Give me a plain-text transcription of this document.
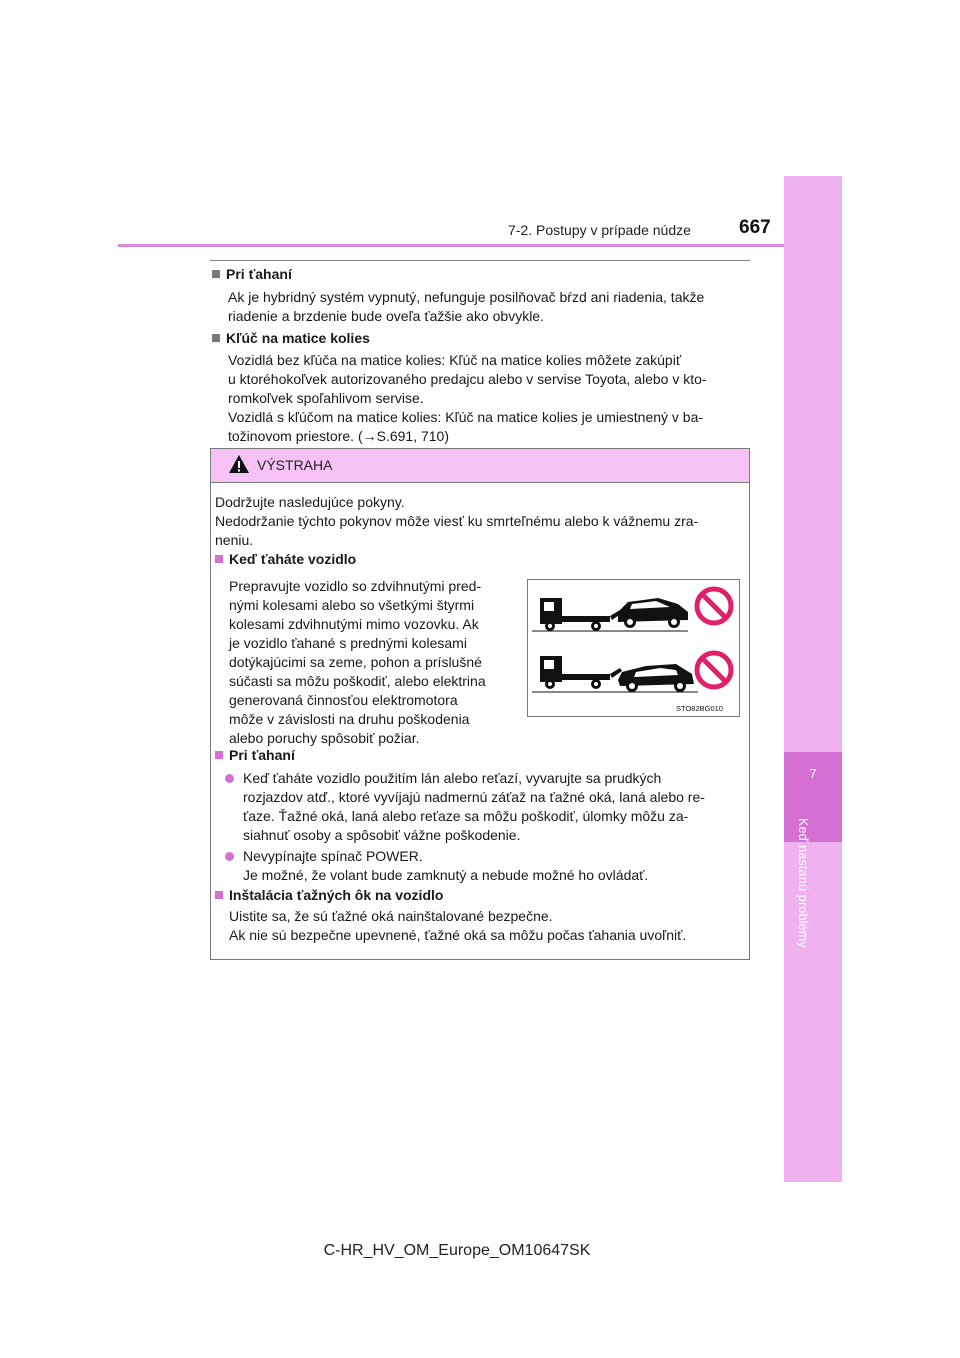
7
Keď nastanú problémy
7-2. Postupy v prípade núdze	667
Pri ťahaní
Ak je hybridný systém vypnutý, nefunguje posilňovač bŕzd ani riadenia, takže
riadenie a brzdenie bude oveľa ťažšie ako obvykle.
Kľúč na matice kolies
Vozidlá bez kľúča na matice kolies: Kľúč na matice kolies môžete zakúpiť
u ktoréhokoľvek autorizovaného predajcu alebo v servise Toyota, alebo v kto-
romkoľvek spoľahlivom servise.
Vozidlá s kľúčom na matice kolies: Kľúč na matice kolies je umiestnený v ba-
tožinovom priestore. (→S.691, 710)
VÝSTRAHA
Dodržujte nasledujúce pokyny.
Nedodržanie týchto pokynov môže viesť ku smrteľnému alebo k vážnemu zra-
neniu.
Keď ťaháte vozidlo
Prepravujte vozidlo so zdvihnutými pred-
nými kolesami alebo so všetkými štyrmi
kolesami zdvihnutými mimo vozovku. Ak
je vozidlo ťahané s prednými kolesami
dotýkajúcimi sa zeme, pohon a príslušné
súčasti sa môžu poškodiť, alebo elektrina
generovaná činnosťou elektromotora
môže v závislosti na druhu poškodenia
alebo poruchy spôsobiť požiar.
STO82BG010
Pri ťahaní
Keď ťaháte vozidlo použitím lán alebo reťazí, vyvarujte sa prudkých
rozjazdov atď., ktoré vyvíjajú nadmernú záťaž na ťažné oká, laná alebo re-
ťaze. Ťažné oká, laná alebo reťaze sa môžu poškodiť, úlomky môžu za-
siahnuť osoby a spôsobiť vážne poškodenie.
Nevypínajte spínač POWER.
Je možné, že volant bude zamknutý a nebude možné ho ovládať.
Inštalácia ťažných ôk na vozidlo
Uistite sa, že sú ťažné oká nainštalované bezpečne.
Ak nie sú bezpečne upevnené, ťažné oká sa môžu počas ťahania uvoľniť.
C-HR_HV_OM_Europe_OM10647SK
